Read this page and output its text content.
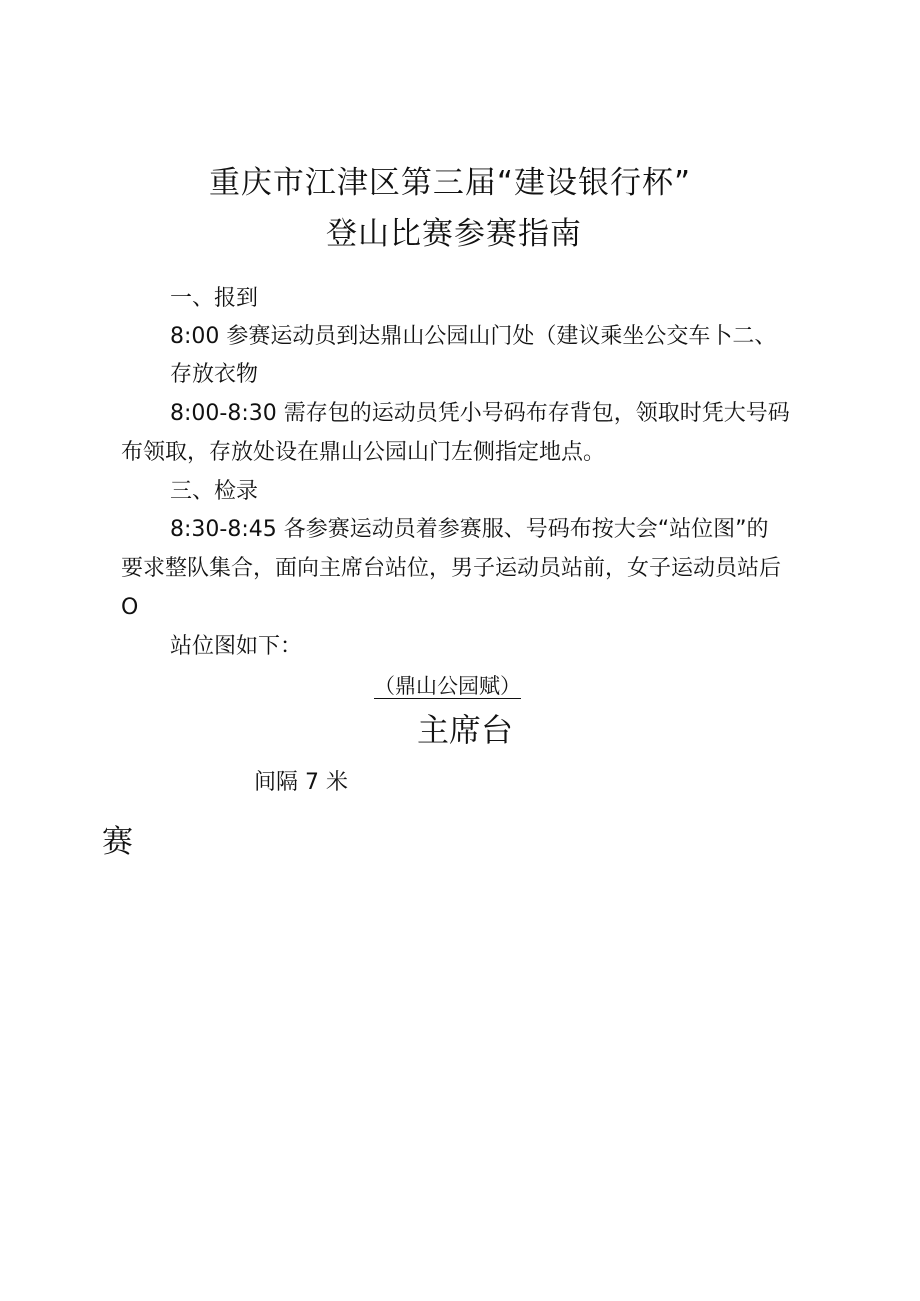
重庆市江津区第三届“建设银行杯”
登山比赛参赛指南
一、报到
8:00 参赛运动员到达鼎山公园山门处（建议乘坐公交车卜二、
存放衣物
8:00-8:30 需存包的运动员凭小号码布存背包，领取时凭大号码
布领取，存放处设在鼎山公园山门左侧指定地点。
三、检录
8:30-8:45 各参赛运动员着参赛服、号码布按大会“站位图”的
要求整队集合，面向主席台站位，男子运动员站前，女子运动员站后
O
站位图如下：
（鼎山公园赋）
主席台
间隔 7 米
赛
